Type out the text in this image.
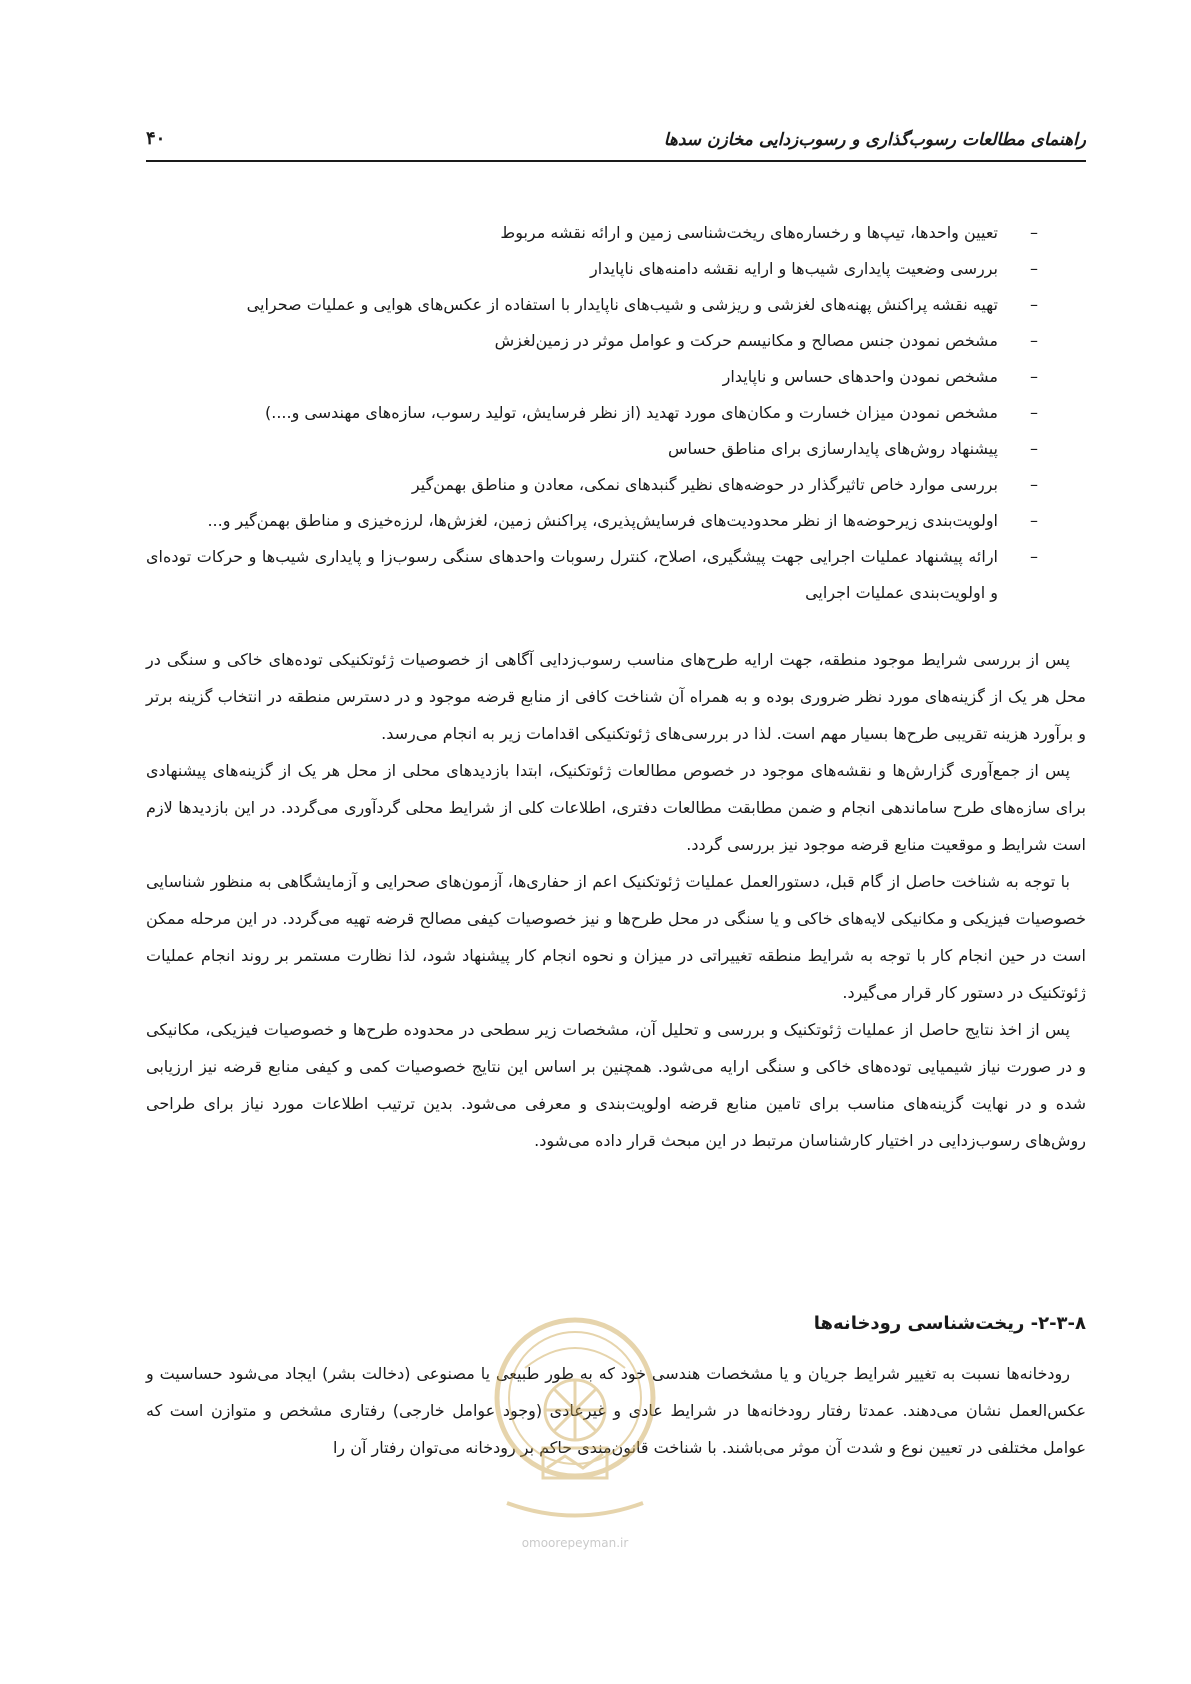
راهنمای مطالعات رسوب‌گذاری و رسوب‌زدایی مخازن سدها
۴۰
–
تعیین واحدها، تیپ‌ها و رخساره‌های ریخت‌شناسی زمین و ارائه نقشه مربوط
–
بررسی وضعیت پایداری شیب‌ها و ارایه نقشه دامنه‌های ناپایدار
–
تهیه نقشه پراکنش پهنه‌های لغزشی و ریزشی و شیب‌های ناپایدار با استفاده از عکس‌های هوایی و عملیات صحرایی
–
مشخص نمودن جنس مصالح و مکانیسم حرکت و عوامل موثر در زمین‌لغزش
–
مشخص نمودن واحدهای حساس و ناپایدار
–
مشخص نمودن میزان خسارت و مکان‌های مورد تهدید (از نظر فرسایش، تولید رسوب، سازه‌های مهندسی و....)
–
پیشنهاد روش‌های پایدارسازی برای مناطق حساس
–
بررسی موارد خاص تاثیرگذار در حوضه‌های نظیر گنبدهای نمکی، معادن و مناطق بهمن‌گیر
–
اولویت‌بندی زیرحوضه‌ها از نظر محدودیت‌های فرسایش‌پذیری، پراکنش زمین، لغزش‌ها، لرزه‌خیزی و مناطق بهمن‌گیر و...
–
ارائه پیشنهاد عملیات اجرایی جهت پیشگیری، اصلاح، کنترل رسوبات واحدهای سنگی رسوب‌زا و پایداری شیب‌ها و حرکات توده‌ای و اولویت‌بندی عملیات اجرایی

پس از بررسی شرایط موجود منطقه، جهت ارایه طرح‌های مناسب رسوب‌زدایی آگاهی از خصوصیات ژئوتکنیکی توده‌های خاکی و سنگی در محل هر یک از گزینه‌های مورد نظر ضروری بوده و به همراه آن شناخت کافی از منابع قرضه موجود و در دسترس منطقه در انتخاب گزینه برتر و برآورد هزینه تقریبی طرح‌ها بسیار مهم است. لذا در بررسی‌های ژئوتکنیکی اقدامات زیر به انجام می‌رسد.

پس از جمع‌آوری گزارش‌ها و نقشه‌های موجود در خصوص مطالعات ژئوتکنیک، ابتدا بازدیدهای محلی از محل هر یک از گزینه‌های پیشنهادی برای سازه‌های طرح ساماندهی انجام و ضمن مطابقت مطالعات دفتری، اطلاعات کلی از شرایط محلی گردآوری می‌گردد. در این بازدیدها لازم است شرایط و موقعیت منابع قرضه موجود نیز بررسی گردد.

با توجه به شناخت حاصل از گام قبل، دستورالعمل عملیات ژئوتکنیک اعم از حفاری‌ها، آزمون‌های صحرایی و آزمایشگاهی به منظور شناسایی خصوصیات فیزیکی و مکانیکی لایه‌های خاکی و یا سنگی در محل طرح‌ها و نیز خصوصیات کیفی مصالح قرضه تهیه می‌گردد. در این مرحله ممکن است در حین انجام کار با توجه به شرایط منطقه تغییراتی در میزان و نحوه انجام کار پیشنهاد شود، لذا نظارت مستمر بر روند انجام عملیات ژئوتکنیک در دستور کار قرار می‌گیرد.

پس از اخذ نتایج حاصل از عملیات ژئوتکنیک و بررسی و تحلیل آن، مشخصات زیر سطحی در محدوده طرح‌ها و خصوصیات فیزیکی، مکانیکی و در صورت نیاز شیمیایی توده‌های خاکی و سنگی ارایه می‌شود. همچنین بر اساس این نتایج خصوصیات کمی و کیفی منابع قرضه نیز ارزیابی شده و در نهایت گزینه‌های مناسب برای تامین منابع قرضه اولویت‌بندی و معرفی می‌شود. بدین ترتیب اطلاعات مورد نیاز برای طراحی روش‌های رسوب‌زدایی در اختیار کارشناسان مرتبط در این مبحث قرار داده می‌شود.

۲-۳-۸- ریخت‌شناسی رودخانه‌ها

رودخانه‌ها نسبت به تغییر شرایط جریان و یا مشخصات هندسی خود که به طور طبیعی یا مصنوعی (دخالت بشر) ایجاد می‌شود حساسیت و عکس‌العمل نشان می‌دهند. عمدتا رفتار رودخانه‌ها در شرایط عادی و غیرعادی (وجود عوامل خارجی) رفتاری مشخص و متوازن است که عوامل مختلفی در تعیین نوع و شدت آن موثر می‌باشند. با شناخت قانون‌مندی حاکم بر رودخانه می‌توان رفتار آن را

omoorepeyman.ir
